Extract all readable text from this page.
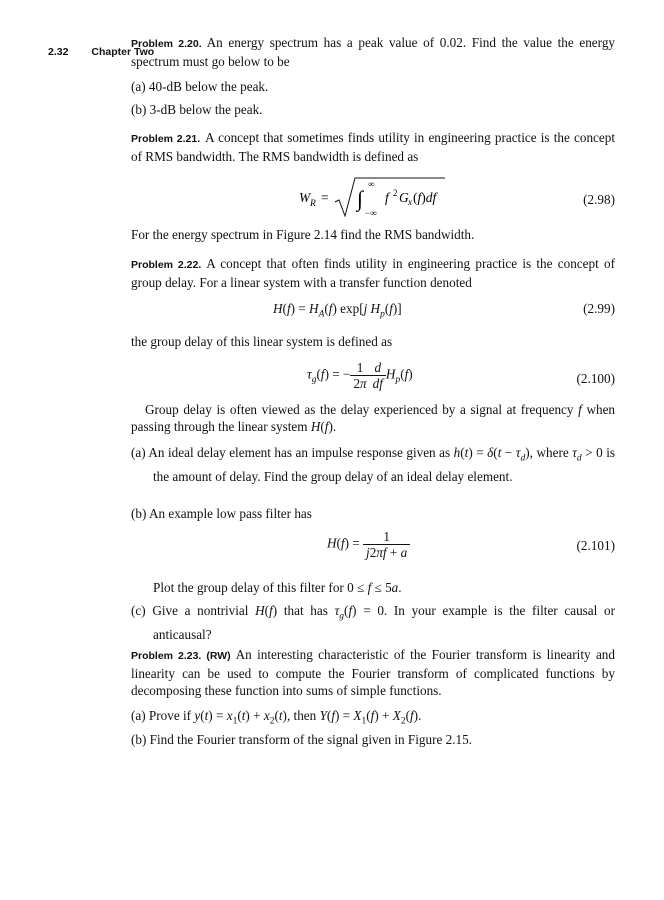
2.32 Chapter Two
Problem 2.20. An energy spectrum has a peak value of 0.02. Find the value the energy spectrum must go below to be
(a) 40-dB below the peak.
(b) 3-dB below the peak.
Problem 2.21. A concept that sometimes finds utility in engineering practice is the concept of RMS bandwidth. The RMS bandwidth is defined as
W R = ∫
∞
−∞
f 2 G x (f)df	(2.98)
For the energy spectrum in Figure 2.14 find the RMS bandwidth.
Problem 2.22. A concept that often finds utility in engineering practice is the concept of group delay. For a linear system with a transfer function denoted
$H(f) = H_A(f)$ exp[j $H_p(f)$]	(2.99)
the group delay of this linear system is defined as
$\tau_g(f)$ = − $\frac{1}{2\pi} \frac{d}{df} H_p(f)$	(2.100)
Group delay is often viewed as the delay experienced by a signal at frequency f when passing through the linear system H(f).
(a) An ideal delay element has an impulse response given as $h(t) = \delta(t - \tau_d)$, where $\tau_d > 0$ is the amount of delay. Find the group delay of an ideal delay element.
(b) An example low pass filter has
$H(f) = \frac{1}{j2\pi f + a}$	(2.101)
Plot the group delay of this filter for 0 ≤ f ≤ 5a.
(c) Give a nontrivial H(f) that has $\tau_g(f) = 0$. In your example is the filter causal or anticausal?
Problem 2.23. (RW) An interesting characteristic of the Fourier transform is linearity and linearity can be used to compute the Fourier transform of complicated functions by decomposing these function into sums of simple functions.
(a) Prove if $y(t) = x_1(t) + x_2(t)$, then $Y(f) = X_1(f) + X_2(f)$.
(b) Find the Fourier transform of the signal given in Figure 2.15.
